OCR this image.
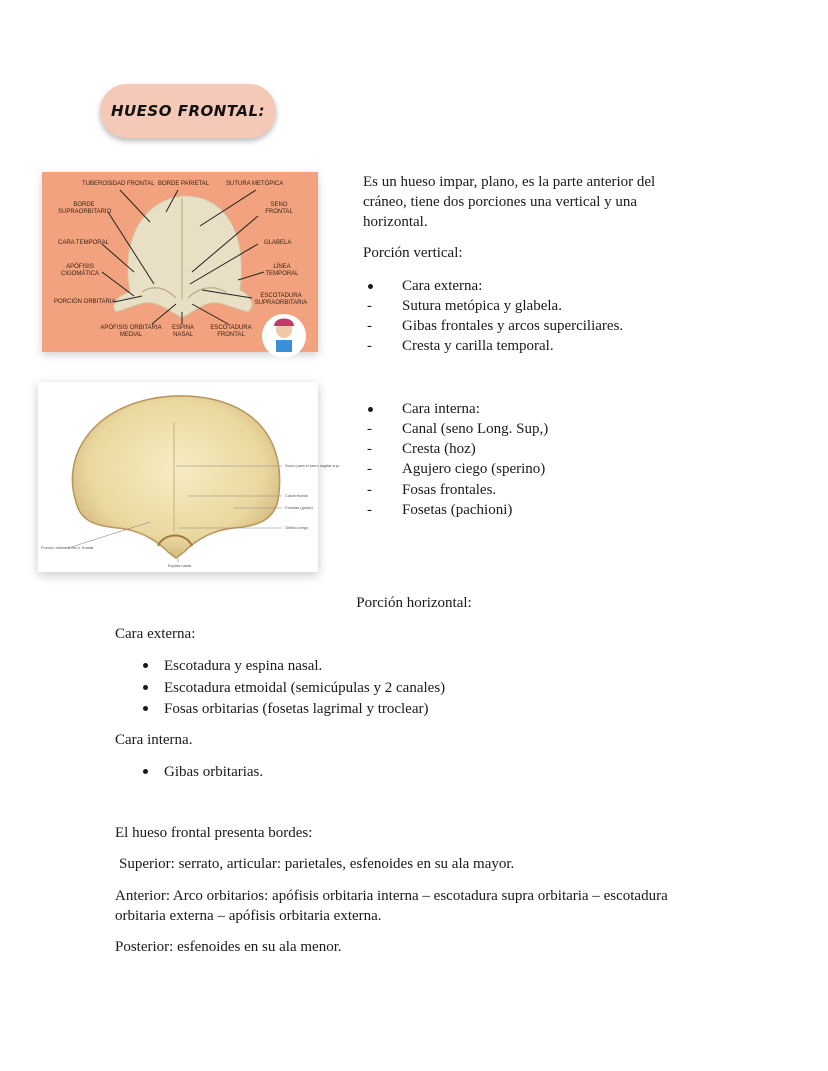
HUESO FRONTAL:
TUBEROSIDAD FRONTAL BORDE PARIETAL	SUTURA METÓPICA
BORDE
SUPRAORBITARIO
SENO
FRONTAL
CARA TEMPORAL	GLABELA
APÓFISIS
CIGOMÁTICA
LÍNEA
TEMPORAL
PORCIÓN ORBITARIA
ESCOTADURA
SUPRAORBITARIA
APÓFISIS ORBITARIA
MEDIAL
ESPINA
NASAL
ESCOTADURA
FRONTAL
Surco para el seno sagital sup.
Canal frontal
Fosetas (gotas)
Orificio ciego
Porción orbitaria del h. frontal
Espina nasal
Es un hueso impar, plano, es la parte anterior del cráneo, tiene dos porciones una vertical y una horizontal.
Porción vertical:
Cara externa:
- Sutura metópica y glabela.
- Gibas frontales y arcos superciliares.
- Cresta y carilla temporal.
Cara interna:
- Canal (seno Long. Sup,)
- Cresta (hoz)
- Agujero ciego (sperino)
- Fosas frontales.
- Fosetas (pachioni)
Porción horizontal:
Cara externa:
Escotadura y espina nasal.
Escotadura etmoidal (semicúpulas y 2 canales)
Fosas orbitarias (fosetas lagrimal y troclear)
Cara interna.
Gibas orbitarias.
El hueso frontal presenta bordes:
Superior: serrato, articular: parietales, esfenoides en su ala mayor.
Anterior: Arco orbitarios: apófisis orbitaria interna – escotadura supra orbitaria – escotadura orbitaria externa – apófisis orbitaria externa.
Posterior: esfenoides en su ala menor.
